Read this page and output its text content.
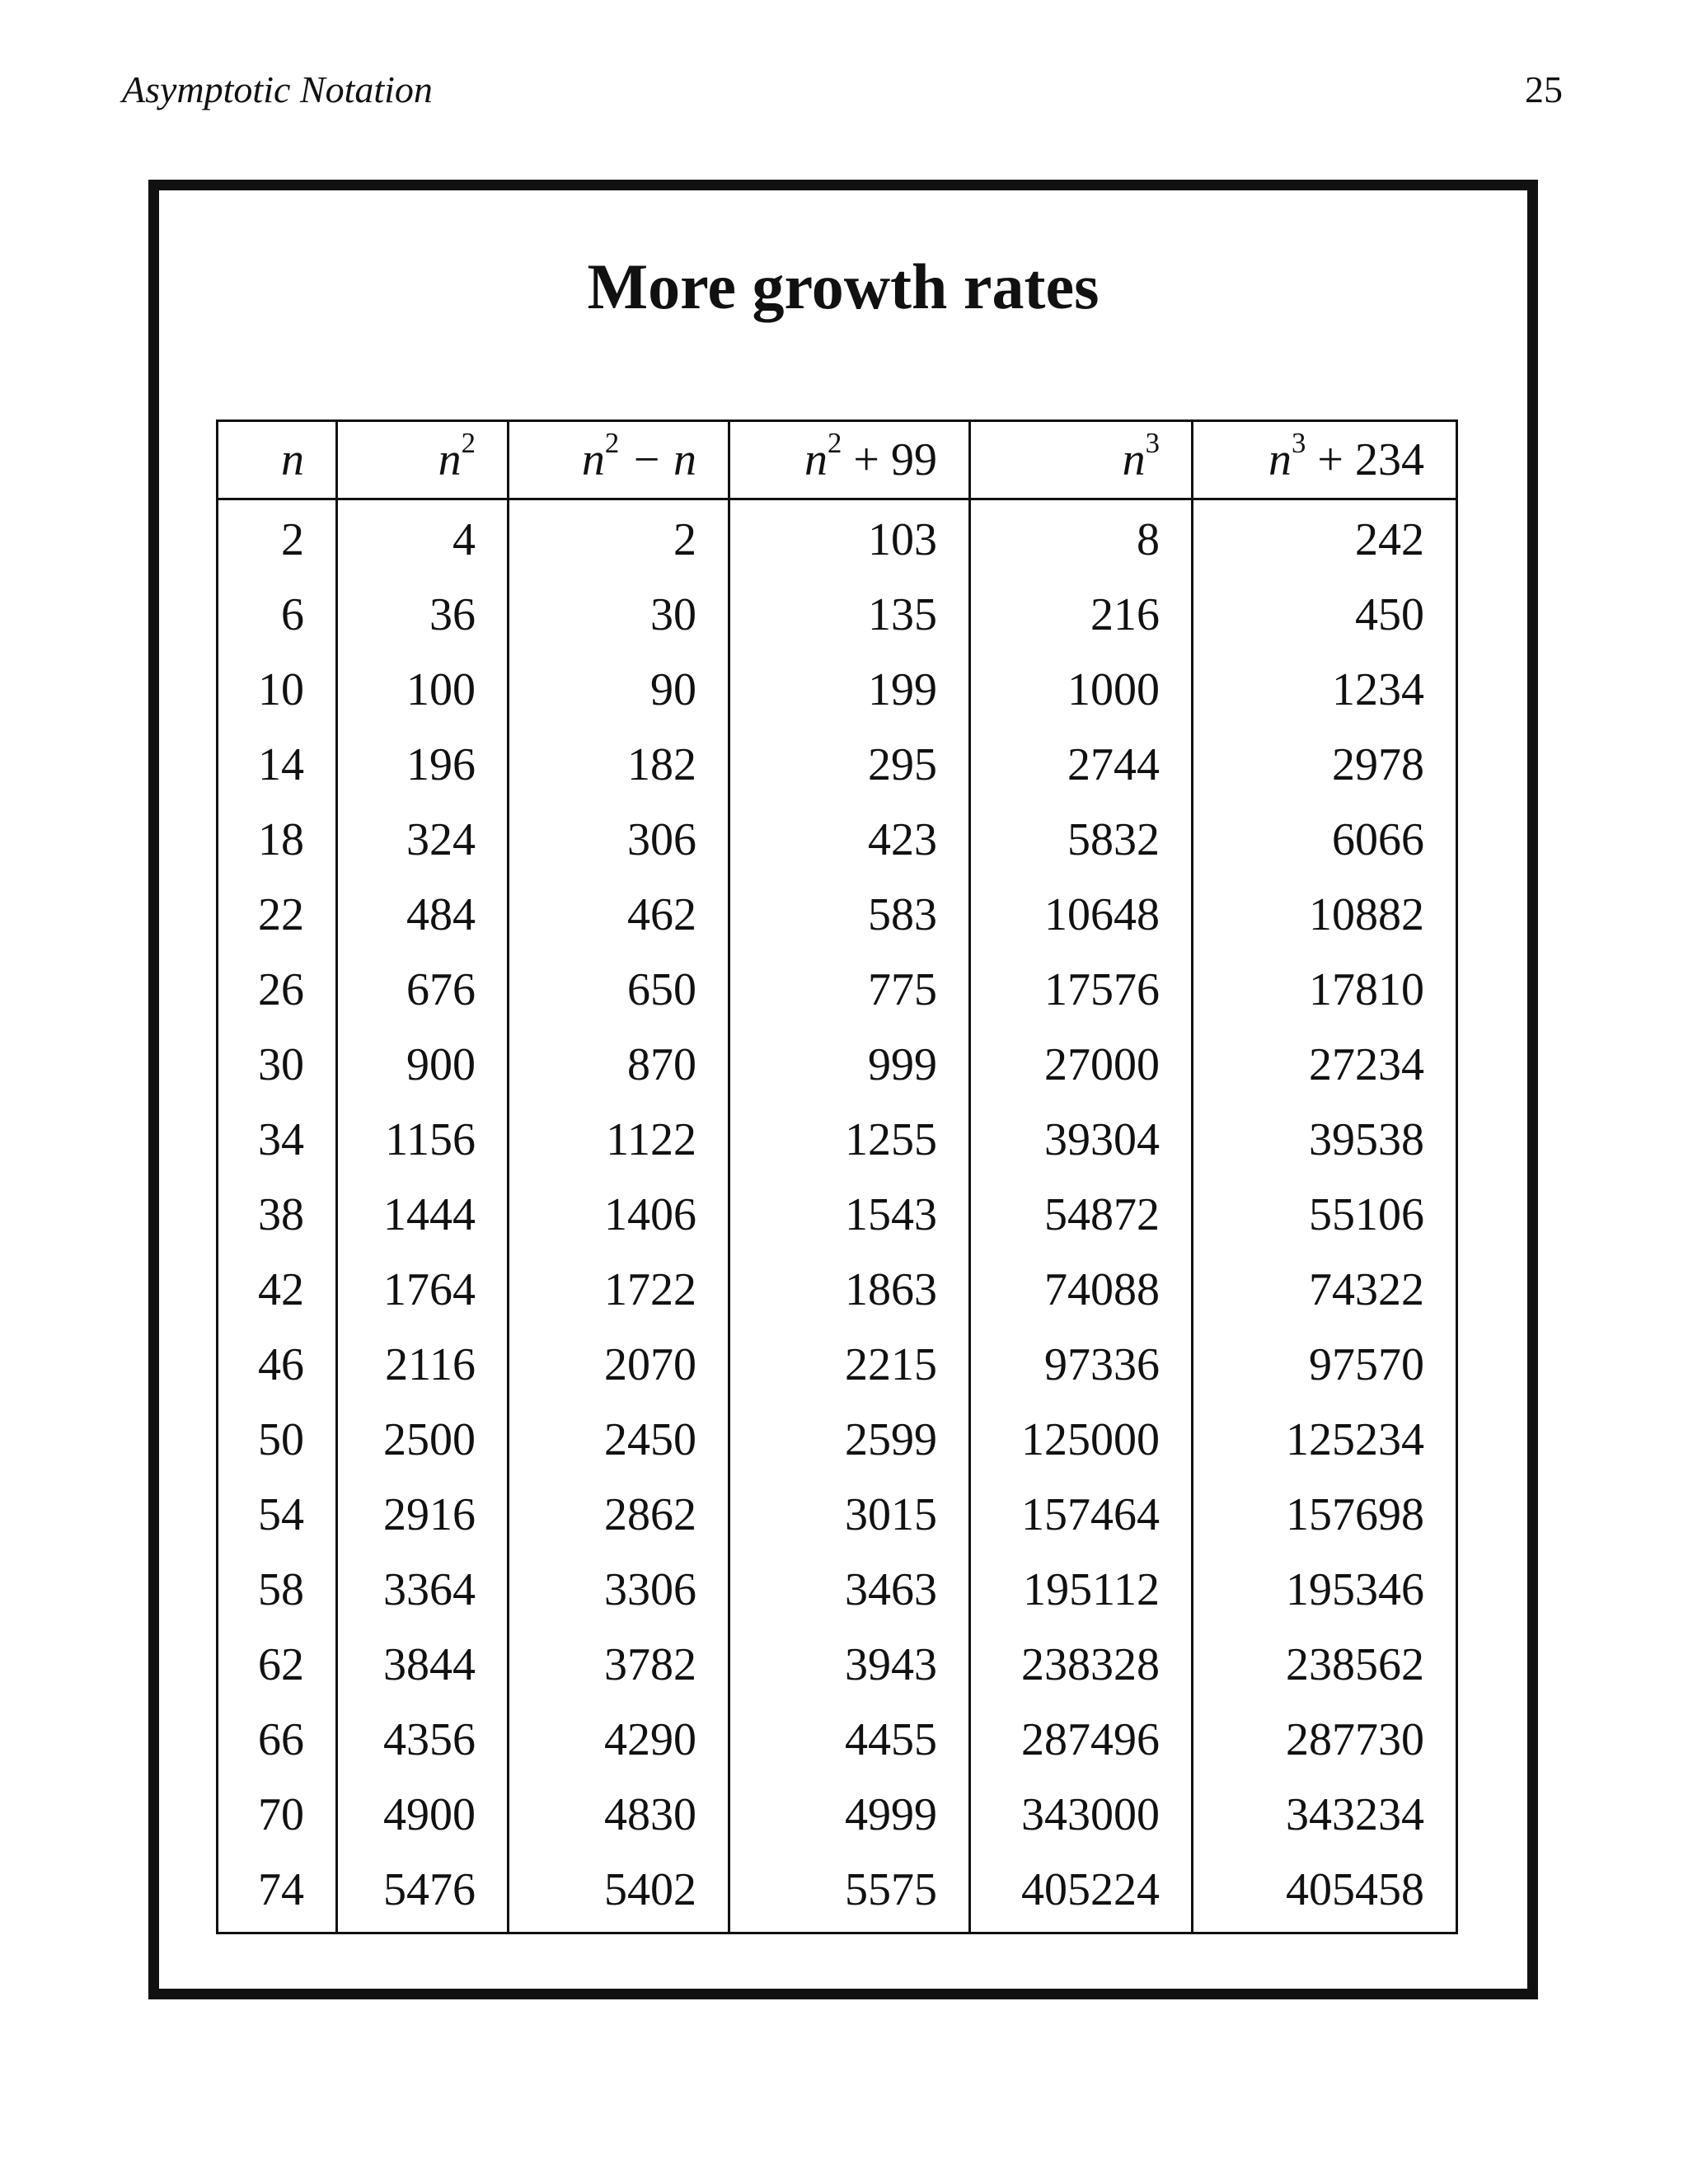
Asymptotic Notation	25
More growth rates
n	$n^2$	$n^2 - n$	$n^2 + 99$	$n^3$	$n^3 + 234$
2	4	2	103	8	242
6	36	30	135	216	450
10	100	90	199	1000	1234
14	196	182	295	2744	2978
18	324	306	423	5832	6066
22	484	462	583	10648	10882
26	676	650	775	17576	17810
30	900	870	999	27000	27234
34	1156	1122	1255	39304	39538
38	1444	1406	1543	54872	55106
42	1764	1722	1863	74088	74322
46	2116	2070	2215	97336	97570
50	2500	2450	2599	125000	125234
54	2916	2862	3015	157464	157698
58	3364	3306	3463	195112	195346
62	3844	3782	3943	238328	238562
66	4356	4290	4455	287496	287730
70	4900	4830	4999	343000	343234
74	5476	5402	5575	405224	405458
